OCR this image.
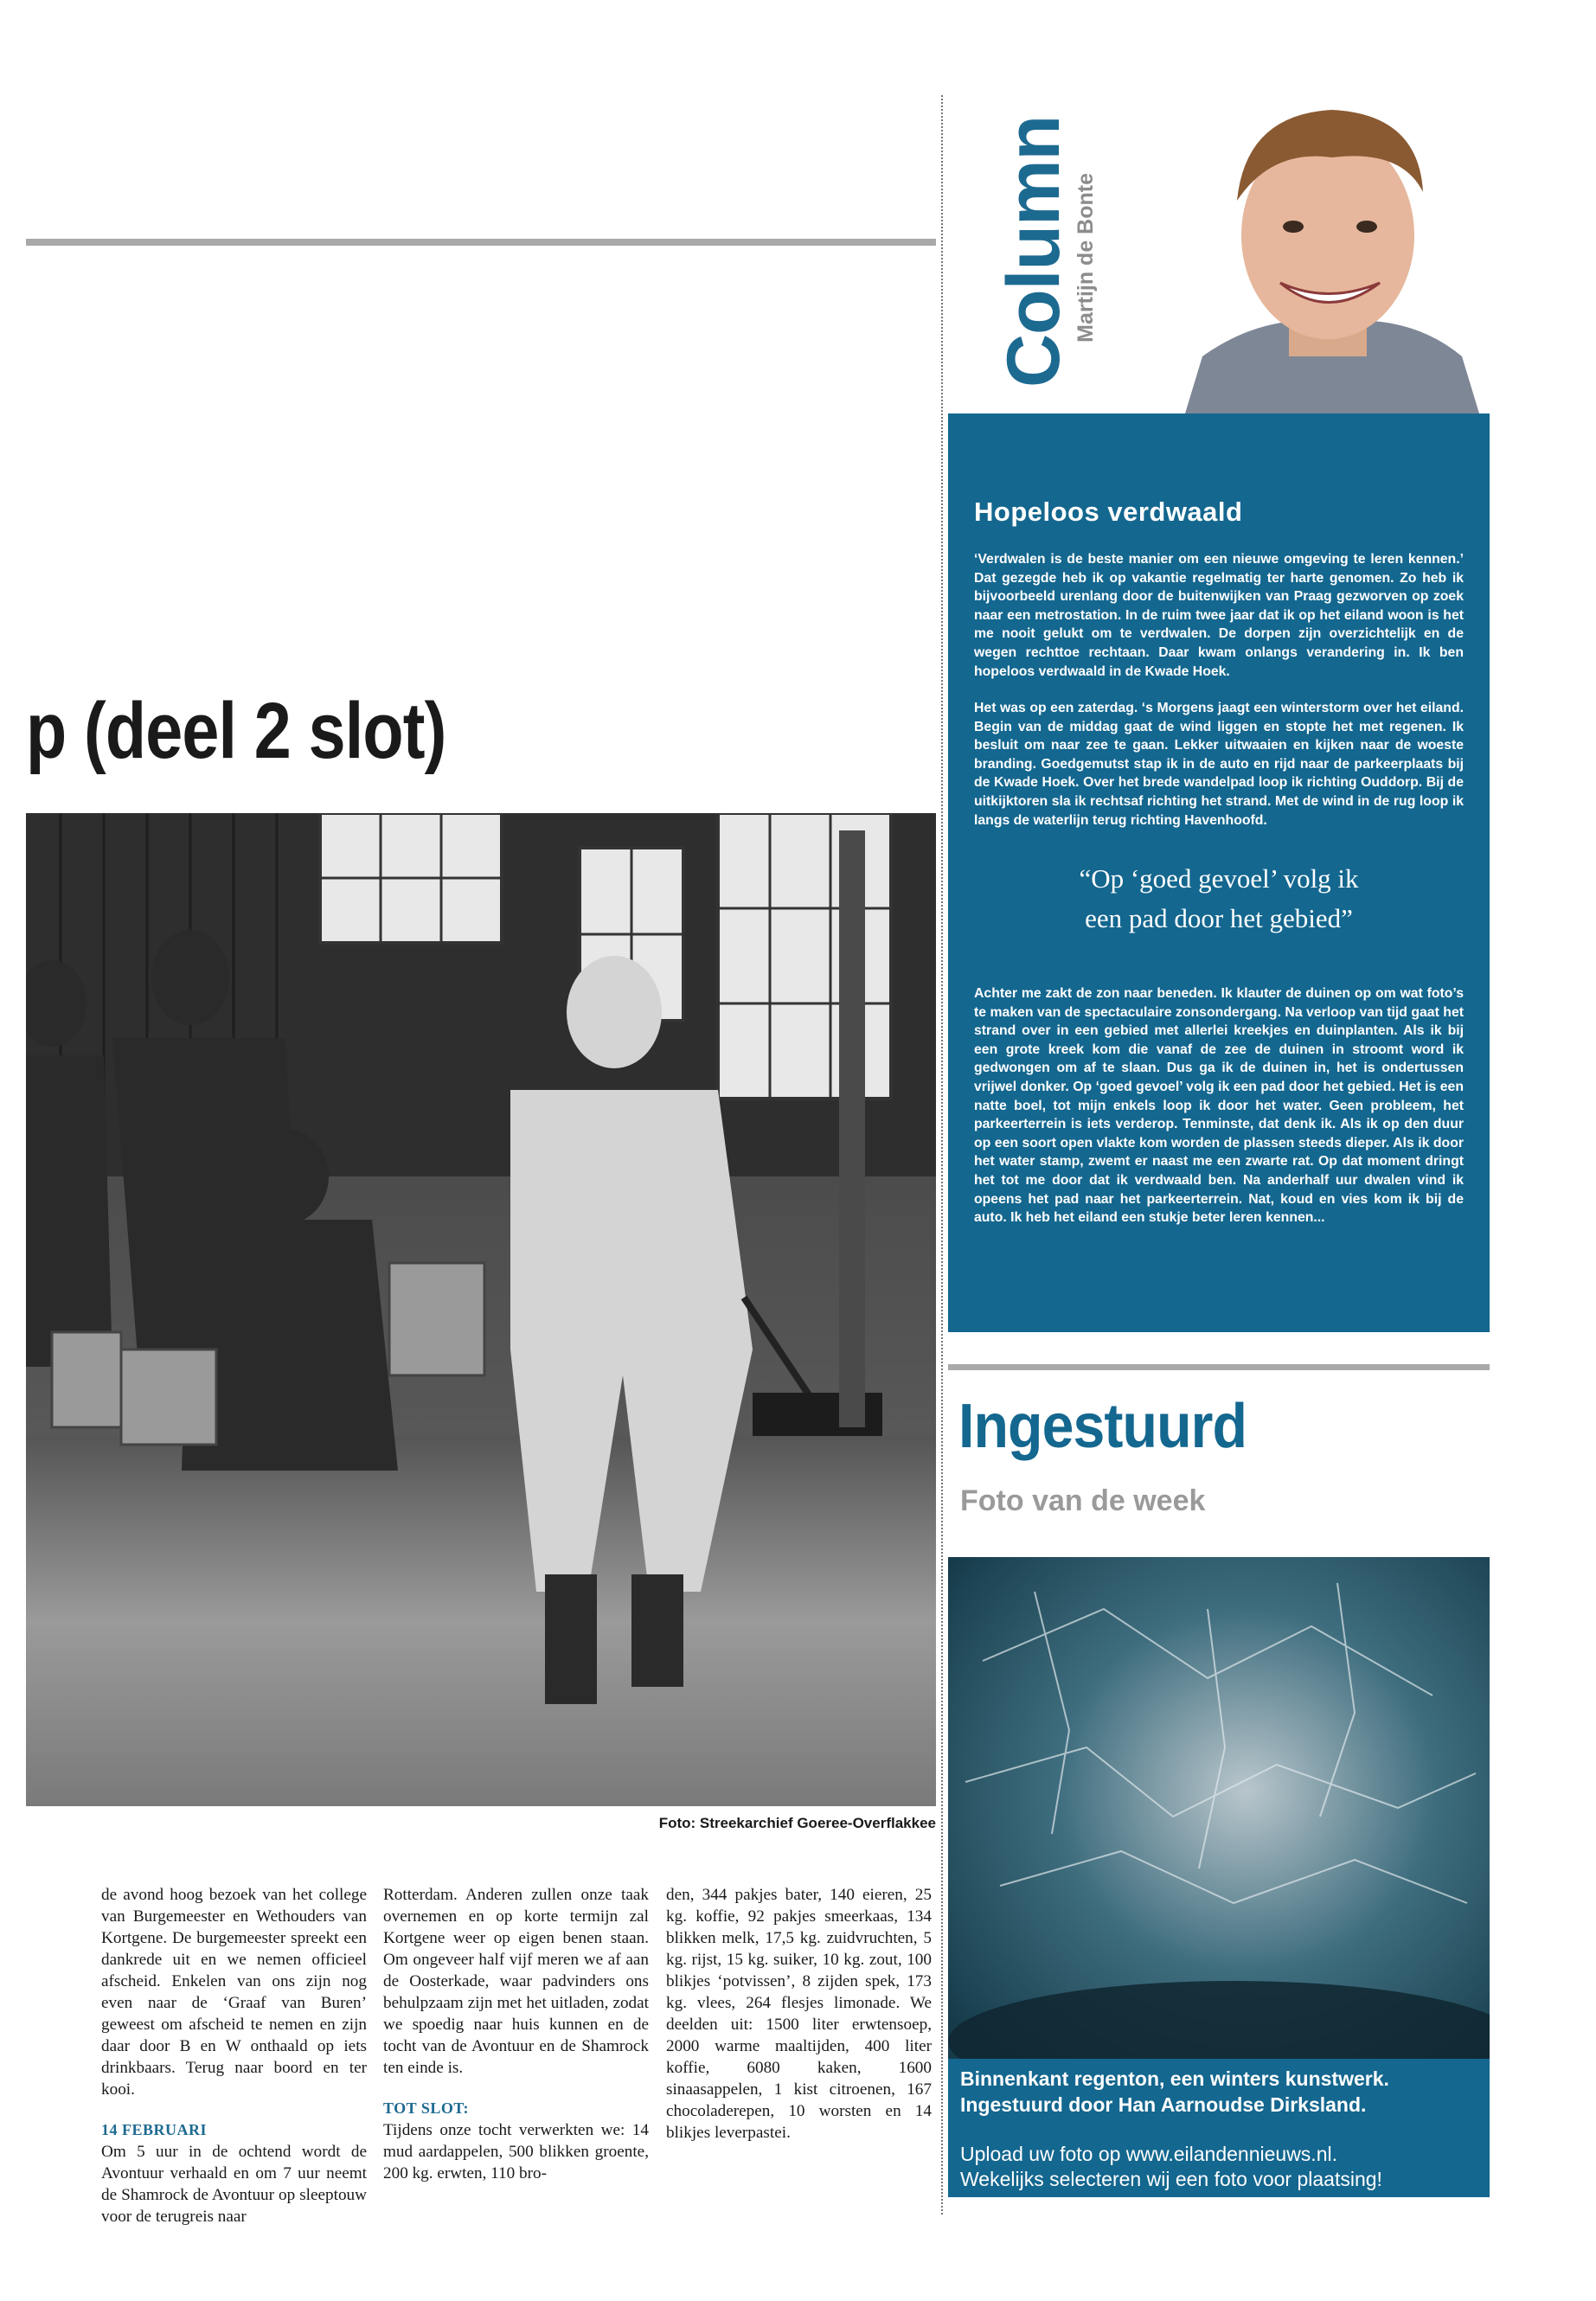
p (deel 2 slot)
Foto: Streekarchief Goeree-Overflakkee

de avond hoog bezoek van het college van Burgemeester en Wethouders van Kortgene. De burgemeester spreekt een dankrede uit en we nemen officieel afscheid. Enkelen van ons zijn nog even naar de ‘Graaf van Buren’ geweest om afscheid te nemen en zijn daar door B en W onthaald op iets drinkbaars. Terug naar boord en ter kooi.

14 FEBRUARI

Om 5 uur in de ochtend wordt de Avontuur verhaald en om 7 uur neemt de Shamrock de Avontuur op sleeptouw voor de terugreis naar

Rotterdam. Anderen zullen onze taak overnemen en op korte termijn zal Kortgene weer op eigen benen staan. Om ongeveer half vijf meren we af aan de Oosterkade, waar padvinders ons behulpzaam zijn met het uitladen, zodat we spoedig naar huis kunnen en de tocht van de Avontuur en de Shamrock ten einde is.

TOT SLOT:

Tijdens onze tocht verwerkten we: 14 mud aardappelen, 500 blikken groente, 200 kg. erwten, 110 bro-

den, 344 pakjes bater, 140 eieren, 25 kg. koffie, 92 pakjes smeerkaas, 134 blikken melk, 17,5 kg. zuidvruchten, 5 kg. rijst, 15 kg. suiker, 10 kg. zout, 100 blikjes ‘potvissen’, 8 zijden spek, 173 kg. vlees, 264 flesjes limonade. We deelden uit: 1500 liter erwtensoep, 2000 warme maaltijden, 400 liter koffie, 6080 kaken, 1600 sinaasappelen, 1 kist citroenen, 167 chocoladerepen, 10 worsten en 14 blikjes leverpastei.

Column
Martijn de Bonte
Hopeloos verdwaald

‘Verdwalen is de beste manier om een nieuwe omgeving te leren kennen.’ Dat gezegde heb ik op vakantie regelmatig ter harte genomen. Zo heb ik bijvoorbeeld urenlang door de buitenwijken van Praag gezworven op zoek naar een metrostation. In de ruim twee jaar dat ik op het eiland woon is het me nooit gelukt om te verdwalen. De dorpen zijn overzichtelijk en de wegen rechttoe rechtaan. Daar kwam onlangs verandering in. Ik ben hopeloos verdwaald in de Kwade Hoek.

Het was op een zaterdag. ‘s Morgens jaagt een winterstorm over het eiland. Begin van de middag gaat de wind liggen en stopte het met regenen. Ik besluit om naar zee te gaan. Lekker uitwaaien en kijken naar de woeste branding. Goedgemutst stap ik in de auto en rijd naar de parkeerplaats bij de Kwade Hoek. Over het brede wandelpad loop ik richting Ouddorp. Bij de uitkijktoren sla ik rechtsaf richting het strand. Met de wind in de rug loop ik langs de waterlijn terug richting Havenhoofd.

“Op ‘goed gevoel’ volg ik
een pad door het gebied”

Achter me zakt de zon naar beneden. Ik klauter de duinen op om wat foto’s te maken van de spectaculaire zonsondergang. Na verloop van tijd gaat het strand over in een gebied met allerlei kreekjes en duinplanten. Als ik bij een grote kreek kom die vanaf de zee de duinen in stroomt word ik gedwongen om af te slaan. Dus ga ik de duinen in, het is ondertussen vrijwel donker. Op ‘goed gevoel’ volg ik een pad door het gebied. Het is een natte boel, tot mijn enkels loop ik door het water. Geen probleem, het parkeerterrein is iets verderop. Tenminste, dat denk ik. Als ik op den duur op een soort open vlakte kom worden de plassen steeds dieper. Als ik door het water stamp, zwemt er naast me een zwarte rat. Op dat moment dringt het tot me door dat ik verdwaald ben. Na anderhalf uur dwalen vind ik opeens het pad naar het parkeerterrein. Nat, koud en vies kom ik bij de auto. Ik heb het eiland een stukje beter leren kennen...

Ingestuurd
Foto van de week
Binnenkant regenton, een winters kunstwerk.
Ingestuurd door Han Aarnoudse Dirksland.
Upload uw foto op www.eilandennieuws.nl.
Wekelijks selecteren wij een foto voor plaatsing!
